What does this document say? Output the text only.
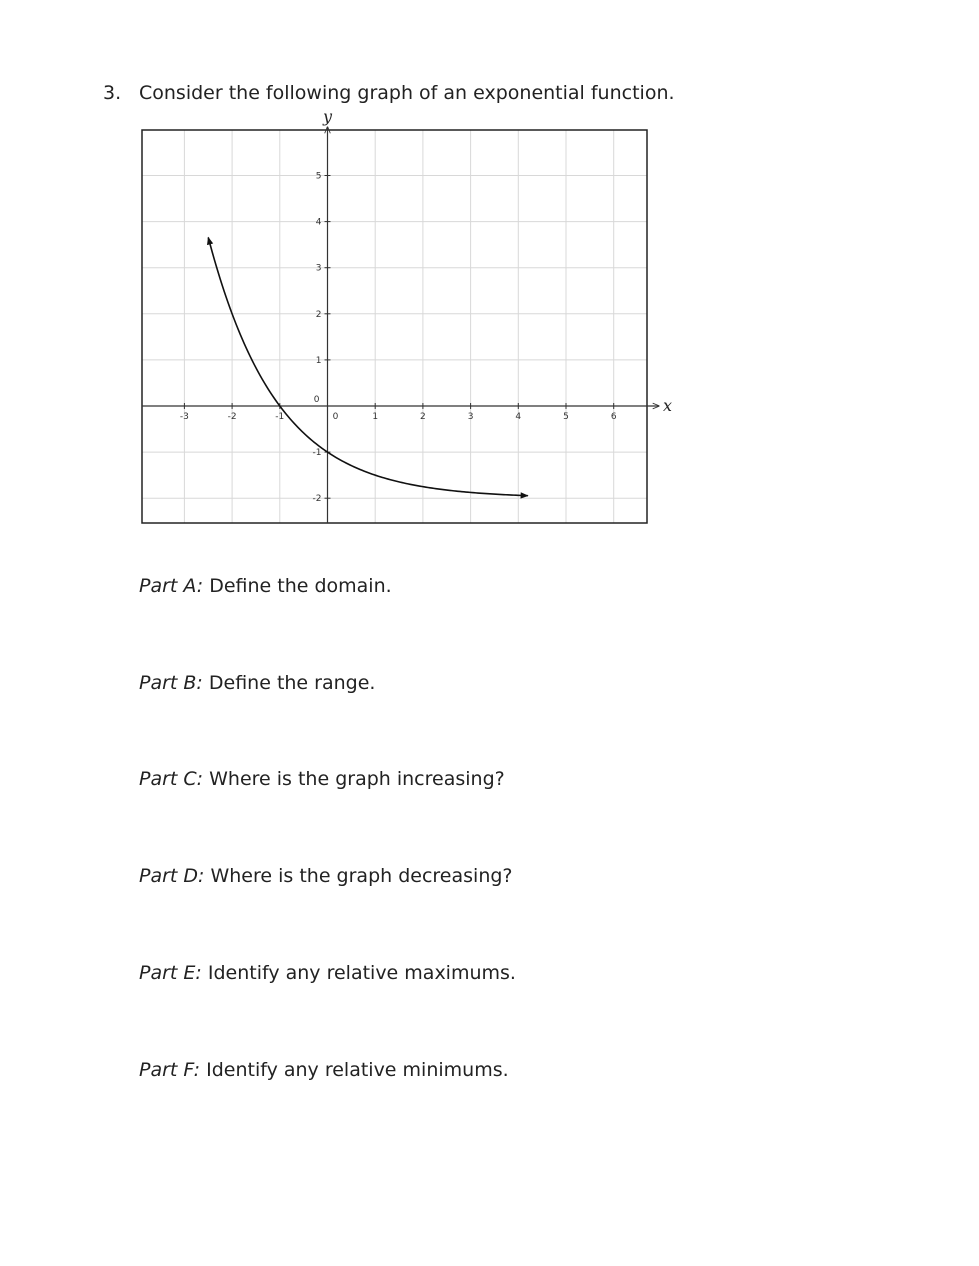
3. Consider the following graph of an exponential function.
-3	-2	-1	1	2	3	4	5	6
0
0
5
4
3
2
1
-1
-2
x
y
Part A: Define the domain.
Part B: Define the range.
Part C: Where is the graph increasing?
Part D: Where is the graph decreasing?
Part E: Identify any relative maximums.
Part F: Identify any relative minimums.
